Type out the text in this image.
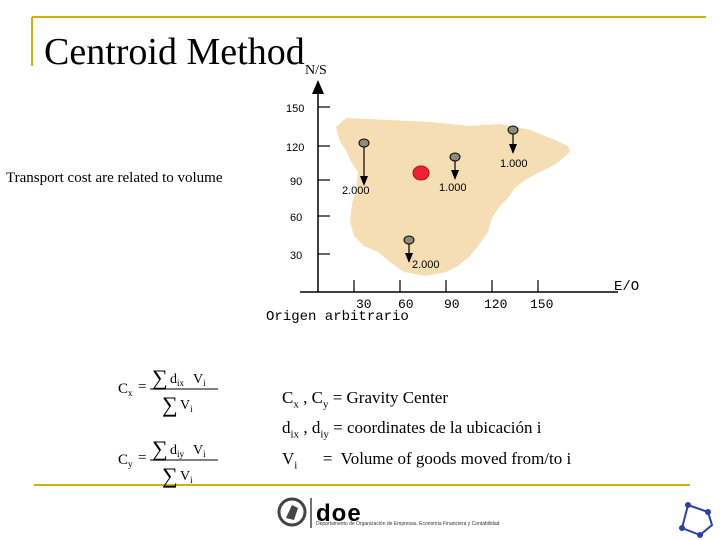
Centroid Method
Transport cost are related to volume
N/S
E/O
Origen arbitrario
150
120
90
60
30
30 60 90 120 150
2.000	1.000
1.000
2.000
$C_x$ = ∑ $d_{ix}$ $V_i$
∑ $V_i$
$C_y$ = ∑ $d_{iy}$ $V_i$
∑ $V_i$
doe
Departamento de Organización de Empresas, Economía Financiera y Contabilidad
$C_x$ , $C_y$ = Gravity Center
$d_{ix}$ , $d_{iy}$ = coordinates de la ubicación i
$V_i$      =  Volume of goods moved from/to i
